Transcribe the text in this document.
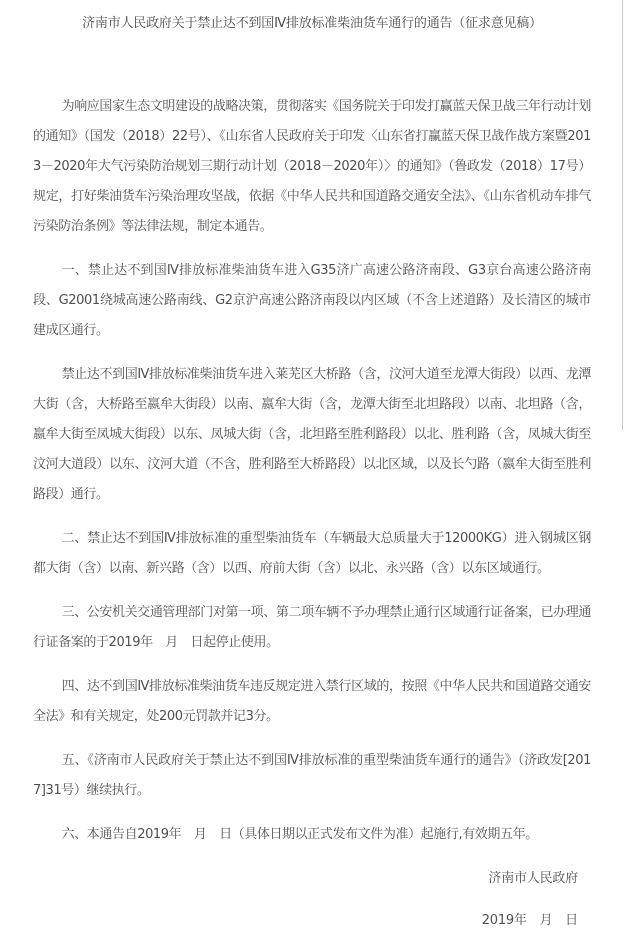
济南市人民政府关于禁止达不到国Ⅳ排放标准柴油货车通行的通告（征求意见稿）

为响应国家生态文明建设的战略决策，贯彻落实《国务院关于印发打赢蓝天保卫战三年行动计划的通知》（国发（2018）22号）、《山东省人民政府关于印发〈山东省打赢蓝天保卫战作战方案暨2013－2020年大气污染防治规划三期行动计划（2018－2020年）〉的通知》（鲁政发（2018）17号）规定，打好柴油货车污染治理攻坚战，依据《中华人民共和国道路交通安全法》、《山东省机动车排气污染防治条例》等法律法规，制定本通告。

一、禁止达不到国Ⅳ排放标准柴油货车进入G35济广高速公路济南段、G3京台高速公路济南段、G2001绕城高速公路南线、G2京沪高速公路济南段以内区域（不含上述道路）及长清区的城市建成区通行。

禁止达不到国Ⅳ排放标准柴油货车进入莱芜区大桥路（含，汶河大道至龙潭大街段）以西、龙潭大街（含，大桥路至嬴牟大街段）以南、嬴牟大街（含，龙潭大街至北坦路段）以南、北坦路（含，嬴牟大街至凤城大街段）以东、凤城大街（含，北坦路至胜利路段）以北、胜利路（含，凤城大街至汶河大道段）以东、汶河大道（不含，胜利路至大桥路段）以北区域，以及长勺路（嬴牟大街至胜利路段）通行。

二、禁止达不到国Ⅳ排放标准的重型柴油货车（车辆最大总质量大于12000KG）进入钢城区钢都大街（含）以南、新兴路（含）以西、府前大街（含）以北、永兴路（含）以东区域通行。

三、公安机关交通管理部门对第一项、第二项车辆不予办理禁止通行区域通行证备案，已办理通行证备案的于2019年　月　日起停止使用。

四、达不到国Ⅳ排放标准柴油货车违反规定进入禁行区域的，按照《中华人民共和国道路交通安全法》和有关规定，处200元罚款并记3分。

五、《济南市人民政府关于禁止达不到国Ⅳ排放标准的重型柴油货车通行的通告》（济政发[2017]31号）继续执行。

六、本通告自2019年　月　日（具体日期以正式发布文件为准）起施行,有效期五年。

济南市人民政府

2019年　月　日
